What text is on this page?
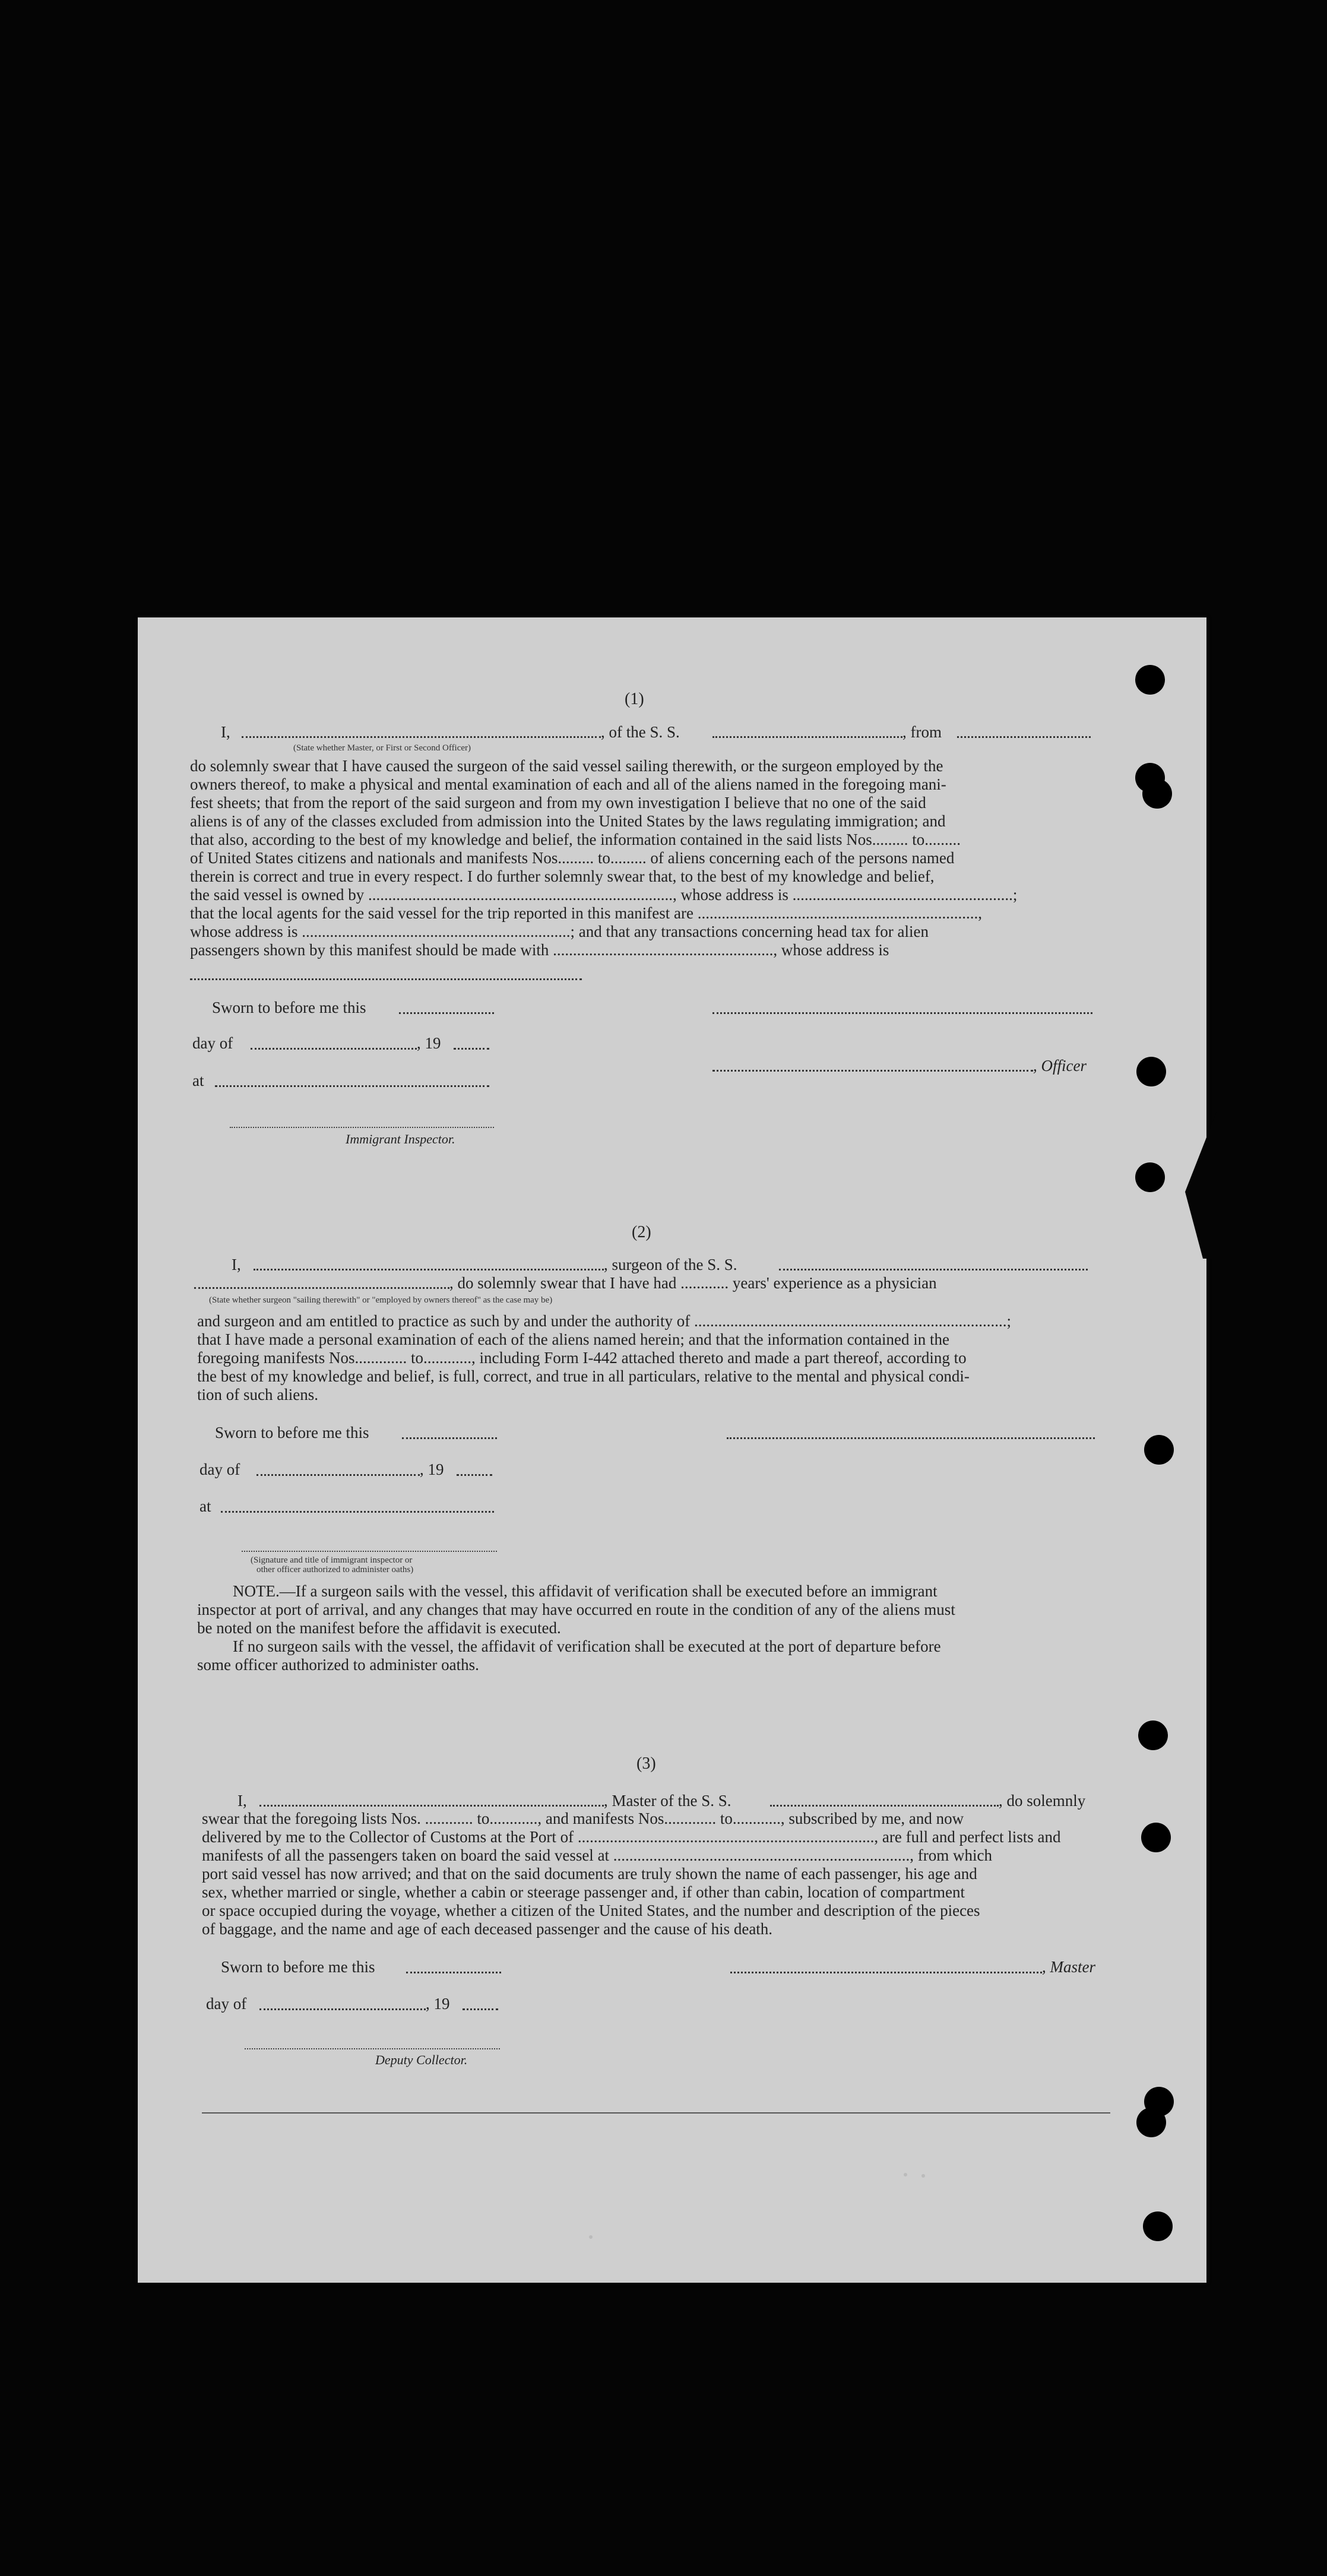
(1)
I,	, of the S. S.	, from
(State whether Master, or First or Second Officer)

do solemnly swear that I have caused the surgeon of the said vessel sailing therewith, or the surgeon employed by the

owners thereof, to make a physical and mental examination of each and all of the aliens named in the foregoing mani-

fest sheets; that from the report of the said surgeon and from my own investigation I believe that no one of the said

aliens is of any of the classes excluded from admission into the United States by the laws regulating immigration; and

that also, according to the best of my knowledge and belief, the information contained in the said lists Nos......... to.........

of United States citizens and nationals and manifests Nos......... to......... of aliens concerning each of the persons named

therein is correct and true in every respect. I do further solemnly swear that, to the best of my knowledge and belief,

the said vessel is owned by ............................................................................, whose address is .......................................................;

that the local agents for the said vessel for the trip reported in this manifest are ......................................................................,

whose address is ...................................................................; and that any transactions concerning head tax for alien

passengers shown by this manifest should be made with ......................................................., whose address is

Sworn to before me this
day of	, 19
, Officer
at
Immigrant Inspector.
(2)
I,	, surgeon of the S. S.
, do solemnly swear that I have had ............ years' experience as a physician
(State whether surgeon "sailing therewith" or "employed by owners thereof" as the case may be)

and surgeon and am entitled to practice as such by and under the authority of ..............................................................................;

that I have made a personal examination of each of the aliens named herein; and that the information contained in the

foregoing manifests Nos............. to............, including Form I-442 attached thereto and made a part thereof, according to

the best of my knowledge and belief, is full, correct, and true in all particulars, relative to the mental and physical condi-

tion of such aliens.

Sworn to before me this
day of	, 19
at
(Signature and title of immigrant inspector or
other officer authorized to administer oaths)

NOTE.—If a surgeon sails with the vessel, this affidavit of verification shall be executed before an immigrant

inspector at port of arrival, and any changes that may have occurred en route in the condition of any of the aliens must

be noted on the manifest before the affidavit is executed.

If no surgeon sails with the vessel, the affidavit of verification shall be executed at the port of departure before

some officer authorized to administer oaths.

(3)
I,	, Master of the S. S.	, do solemnly

swear that the foregoing lists Nos. ............ to............, and manifests Nos............. to............, subscribed by me, and now

delivered by me to the Collector of Customs at the Port of .........................................................................., are full and perfect lists and

manifests of all the passengers taken on board the said vessel at .........................................................................., from which

port said vessel has now arrived; and that on the said documents are truly shown the name of each passenger, his age and

sex, whether married or single, whether a cabin or steerage passenger and, if other than cabin, location of compartment

or space occupied during the voyage, whether a citizen of the United States, and the number and description of the pieces

of baggage, and the name and age of each deceased passenger and the cause of his death.

Sworn to before me this	, Master
day of	, 19
Deputy Collector.
